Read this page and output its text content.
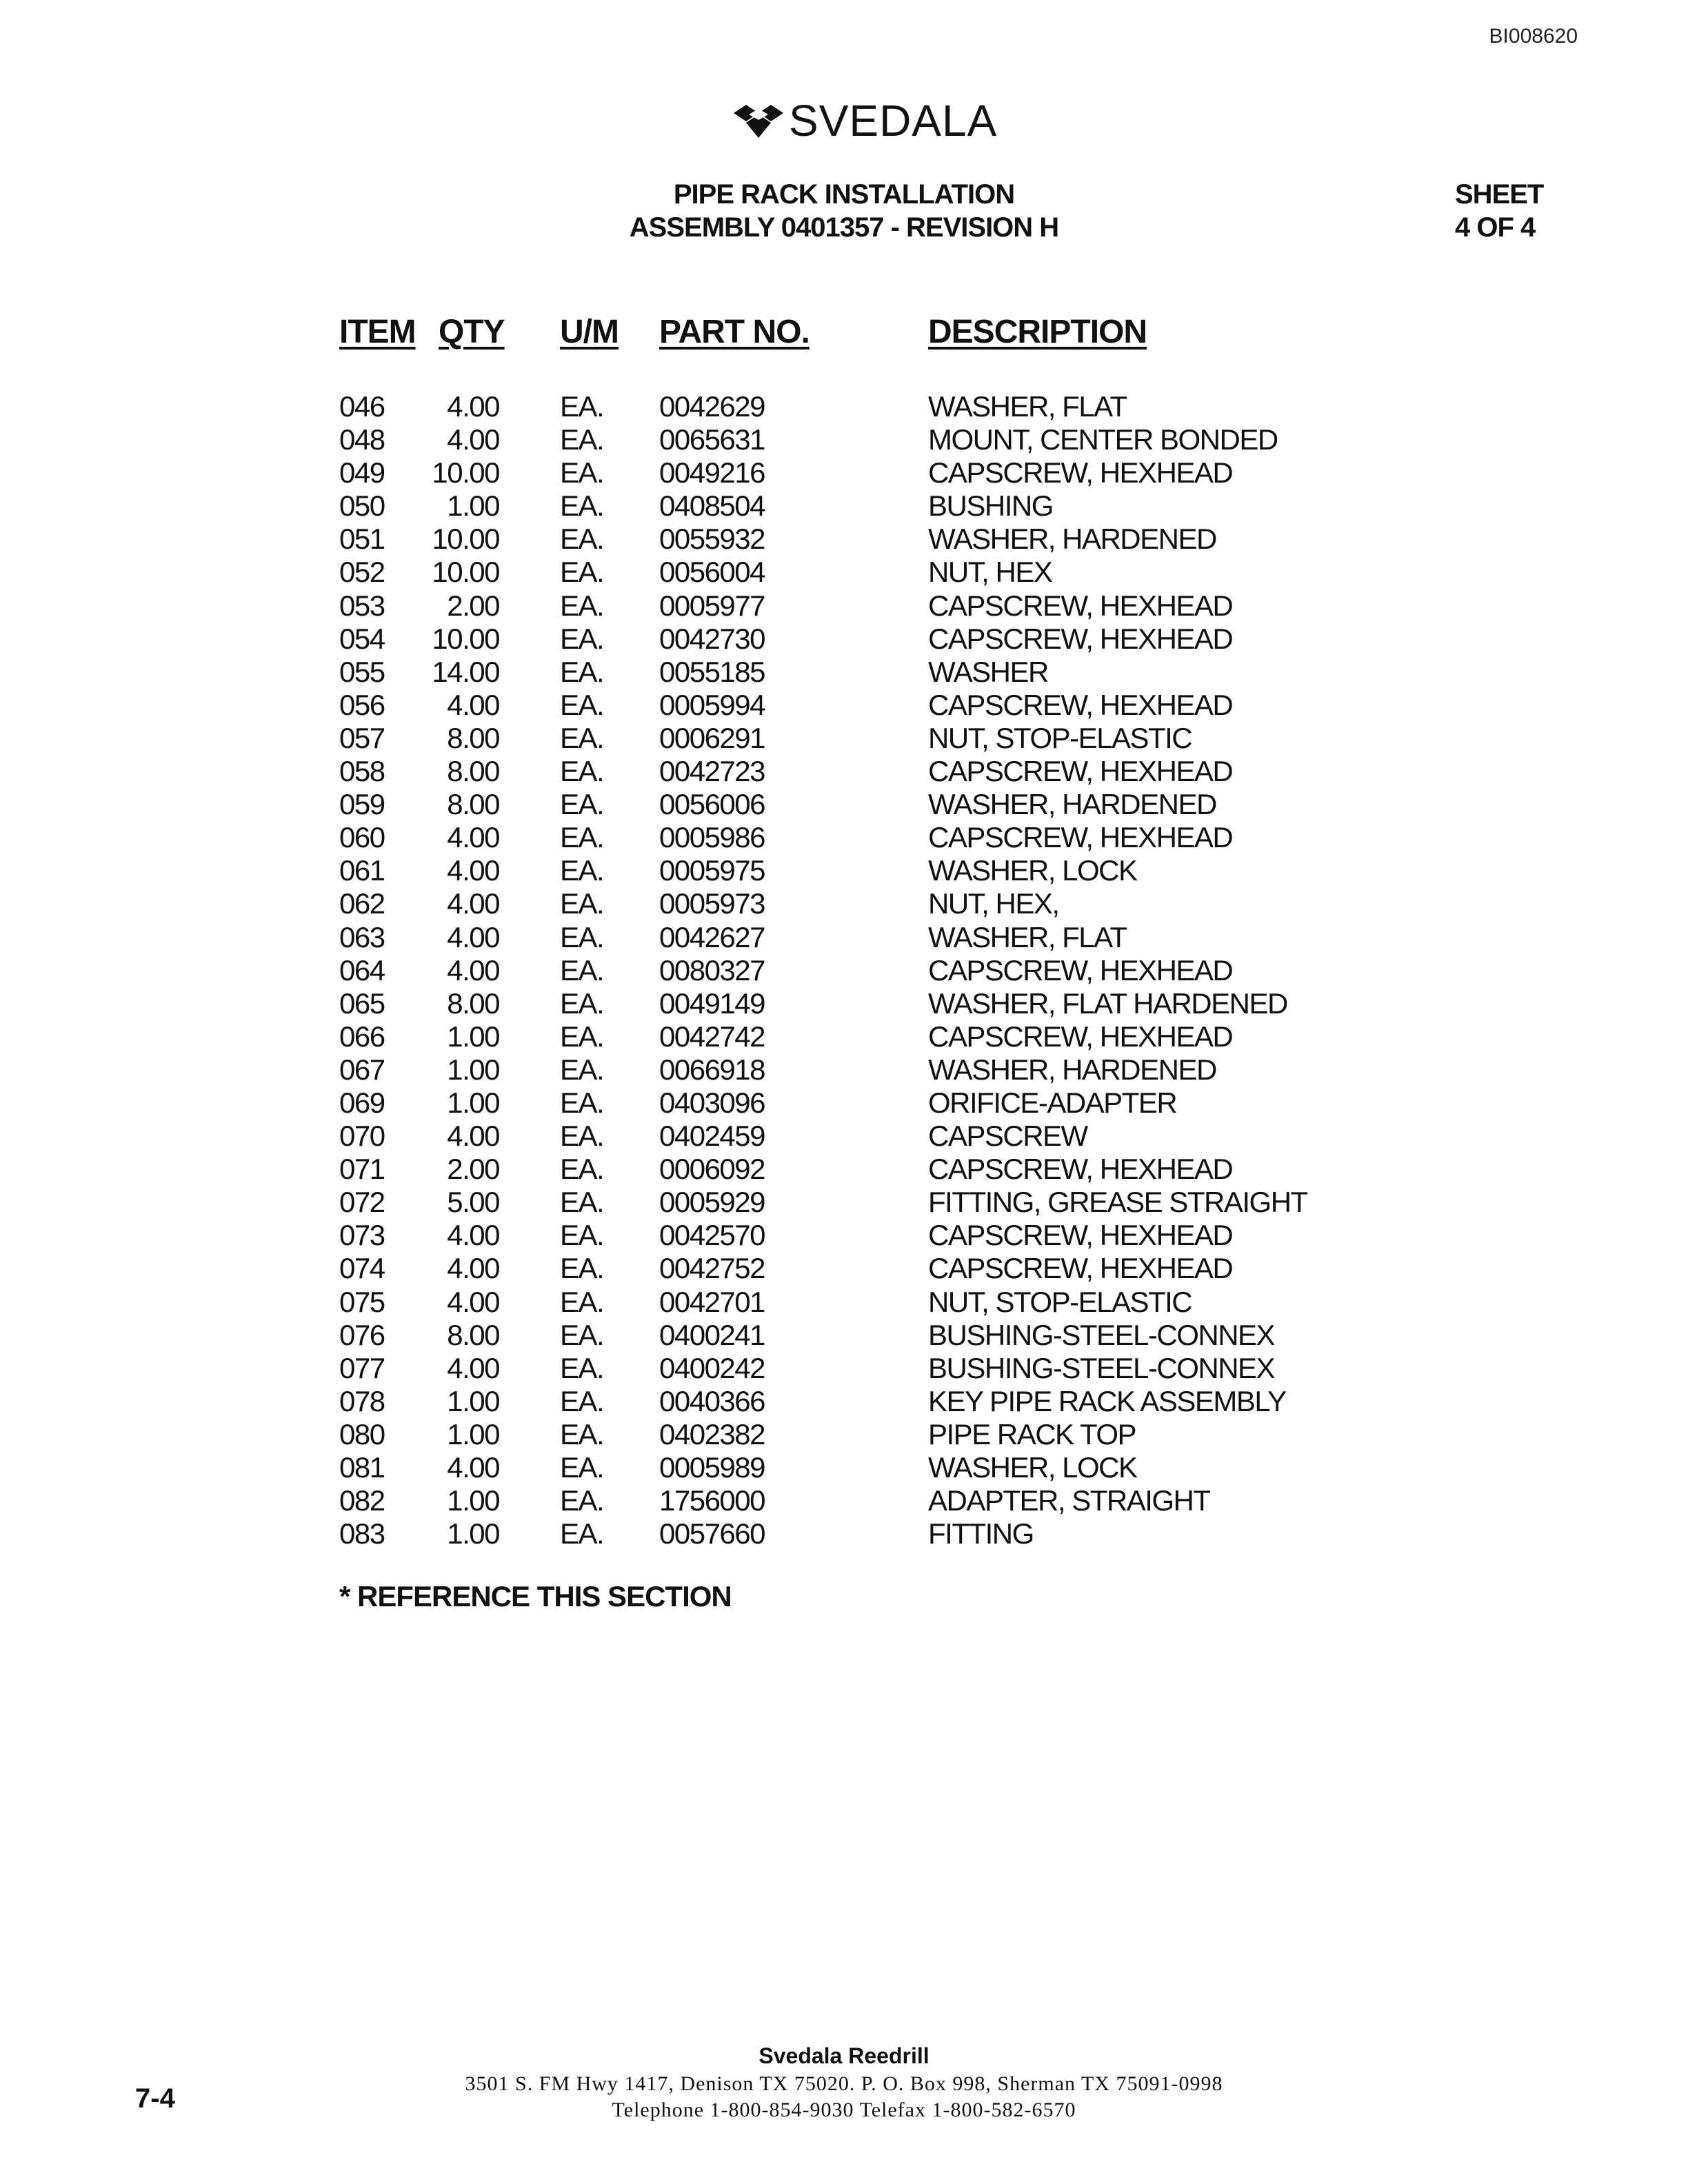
BI008620
SVEDALA
PIPE RACK INSTALLATION
ASSEMBLY 0401357 - REVISION H
SHEET
4 OF 4
ITEM QTY U/M PART NO.	DESCRIPTION
046	4.00 EA. 0042629	WASHER, FLAT
048	4.00 EA. 0065631	MOUNT, CENTER BONDED
049	10.00 EA. 0049216	CAPSCREW, HEXHEAD
050	1.00 EA. 0408504	BUSHING
051	10.00 EA. 0055932	WASHER, HARDENED
052	10.00 EA. 0056004	NUT, HEX
053	2.00 EA. 0005977	CAPSCREW, HEXHEAD
054	10.00 EA. 0042730	CAPSCREW, HEXHEAD
055	14.00 EA. 0055185	WASHER
056	4.00 EA. 0005994	CAPSCREW, HEXHEAD
057	8.00 EA. 0006291	NUT, STOP-ELASTIC
058	8.00 EA. 0042723	CAPSCREW, HEXHEAD
059	8.00 EA. 0056006	WASHER, HARDENED
060	4.00 EA. 0005986	CAPSCREW, HEXHEAD
061	4.00 EA. 0005975	WASHER, LOCK
062	4.00 EA. 0005973	NUT, HEX,
063	4.00 EA. 0042627	WASHER, FLAT
064	4.00 EA. 0080327	CAPSCREW, HEXHEAD
065	8.00 EA. 0049149	WASHER, FLAT HARDENED
066	1.00 EA. 0042742	CAPSCREW, HEXHEAD
067	1.00 EA. 0066918	WASHER, HARDENED
069	1.00 EA. 0403096	ORIFICE-ADAPTER
070	4.00 EA. 0402459	CAPSCREW
071	2.00 EA. 0006092	CAPSCREW, HEXHEAD
072	5.00 EA. 0005929	FITTING, GREASE STRAIGHT
073	4.00 EA. 0042570	CAPSCREW, HEXHEAD
074	4.00 EA. 0042752	CAPSCREW, HEXHEAD
075	4.00 EA. 0042701	NUT, STOP-ELASTIC
076	8.00 EA. 0400241	BUSHING-STEEL-CONNEX
077	4.00 EA. 0400242	BUSHING-STEEL-CONNEX
078	1.00 EA. 0040366	KEY PIPE RACK ASSEMBLY
080	1.00 EA. 0402382	PIPE RACK TOP
081	4.00 EA. 0005989	WASHER, LOCK
082	1.00 EA. 1756000	ADAPTER, STRAIGHT
083	1.00 EA. 0057660	FITTING
* REFERENCE THIS SECTION
7-4
Svedala Reedrill
3501 S. FM Hwy 1417, Denison TX 75020. P. O. Box 998, Sherman TX 75091-0998
Telephone 1-800-854-9030 Telefax 1-800-582-6570
